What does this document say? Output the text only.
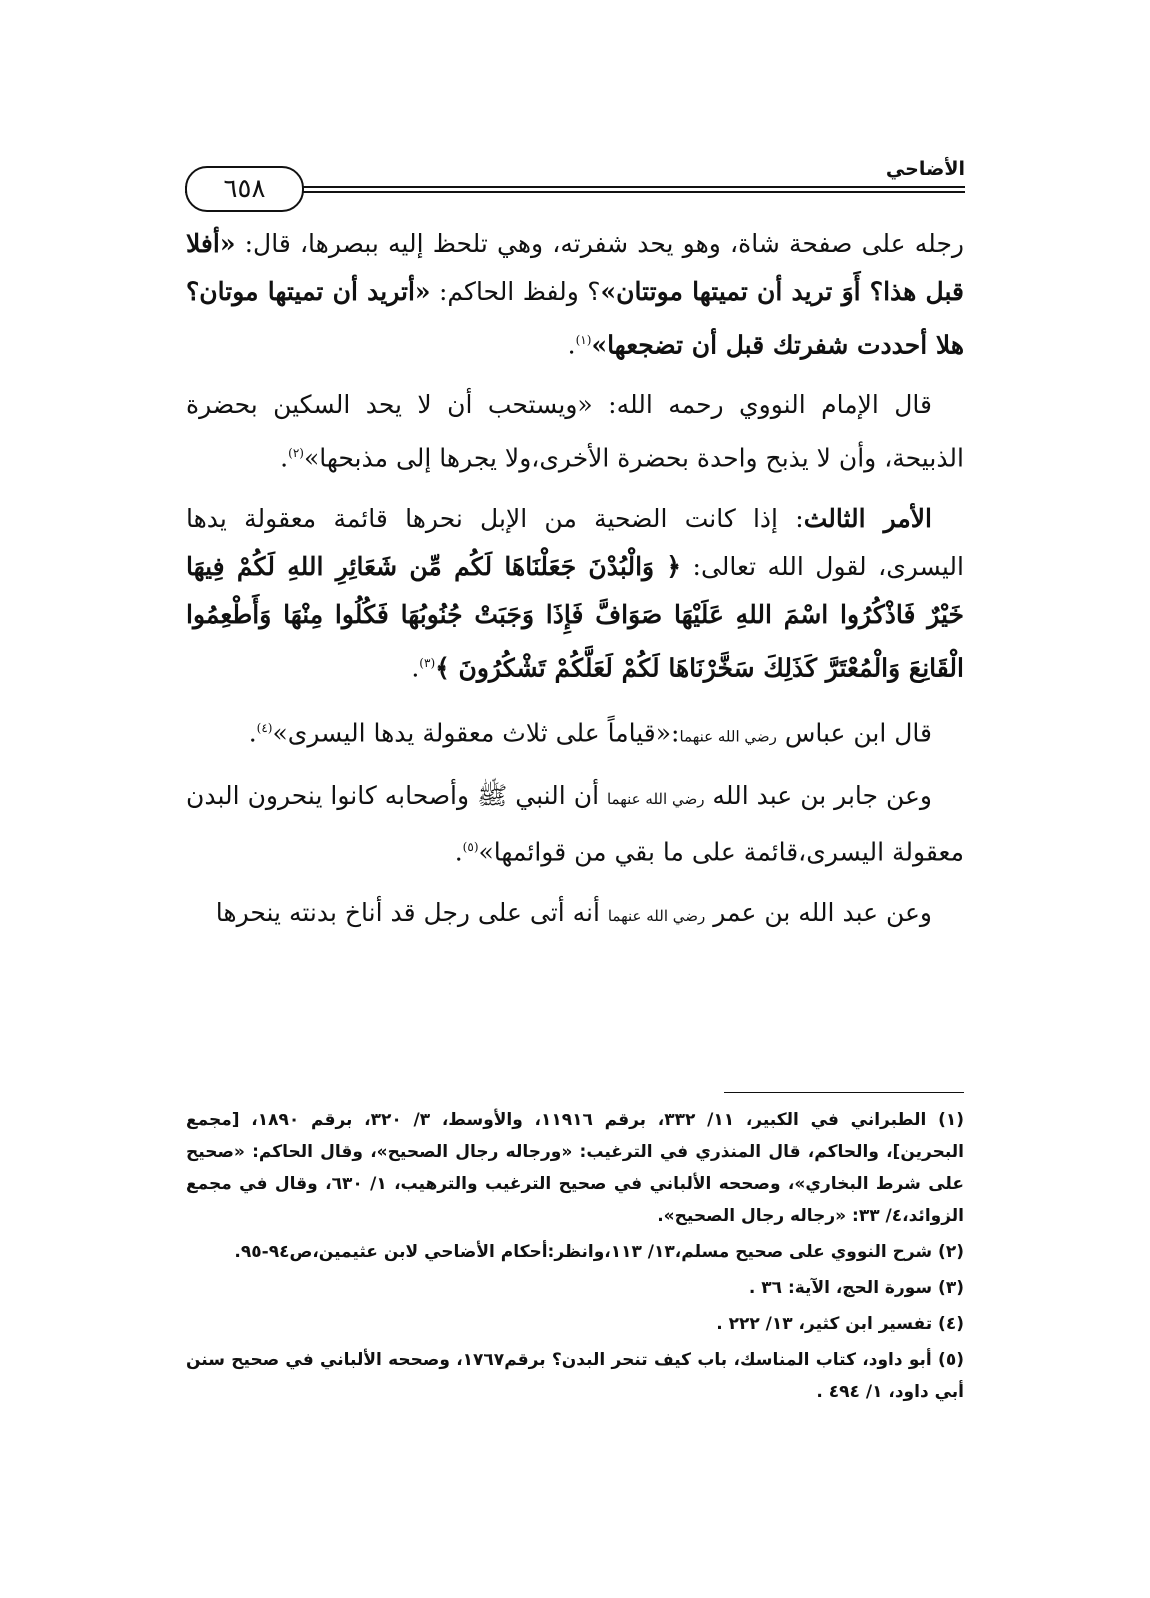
الأضاحي
٦٥٨

رجله على صفحة شاة، وهو يحد شفرته، وهي تلحظ إليه ببصرها، قال: «أفلا قبل هذا؟ أَوَ تريد أن تميتها موتتان»؟ ولفظ الحاكم: «أتريد أن تميتها موتان؟ هلا أحددت شفرتك قبل أن تضجعها»$^{(١)}$.

قال الإمام النووي رحمه الله: «ويستحب أن لا يحد السكين بحضرة الذبيحة، وأن لا يذبح واحدة بحضرة الأخرى،ولا يجرها إلى مذبحها»$^{(٢)}$.

الأمر الثالث: إذا كانت الضحية من الإبل نحرها قائمة معقولة يدها اليسرى، لقول الله تعالى: ﴿ وَالْبُدْنَ جَعَلْنَاهَا لَكُم مِّن شَعَائِرِ اللهِ لَكُمْ فِيهَا خَيْرٌ فَاذْكُرُوا اسْمَ اللهِ عَلَيْهَا صَوَافَّ فَإِذَا وَجَبَتْ جُنُوبُهَا فَكُلُوا مِنْهَا وَأَطْعِمُوا الْقَانِعَ وَالْمُعْتَرَّ كَذَلِكَ سَخَّرْنَاهَا لَكُمْ لَعَلَّكُمْ تَشْكُرُونَ ﴾$^{(٣)}$.

قال ابن عباس رضي الله عنهما:«قياماً على ثلاث معقولة يدها اليسرى»$^{(٤)}$.

وعن جابر بن عبد الله رضي الله عنهما أن النبي ﷺ وأصحابه كانوا ينحرون البدن معقولة اليسرى،قائمة على ما بقي من قوائمها»$^{(٥)}$.

وعن عبد الله بن عمر رضي الله عنهما أنه أتى على رجل قد أناخ بدنته ينحرها

(١) الطبراني في الكبير، ١١/ ٣٣٢، برقم ١١٩١٦، والأوسط، ٣/ ٣٢٠، برقم ١٨٩٠، [مجمع البحرين]، والحاكم، قال المنذري في الترغيب: «ورجاله رجال الصحيح»، وقال الحاكم: «صحيح على شرط البخاري»، وصححه الألباني في صحيح الترغيب والترهيب، ١/ ٦٣٠، وقال في مجمع الزوائد،٤/ ٣٣: «رجاله رجال الصحيح».

(٢) شرح النووي على صحيح مسلم،١٣/ ١١٣،وانظر:أحكام الأضاحي لابن عثيمين،ص٩٤-٩٥.

(٣) سورة الحج، الآية: ٣٦ .

(٤) تفسير ابن كثير، ١٣/ ٢٢٢ .

(٥) أبو داود، كتاب المناسك، باب كيف تنحر البدن؟ برقم١٧٦٧، وصححه الألباني في صحيح سنن أبي داود، ١/ ٤٩٤ .
